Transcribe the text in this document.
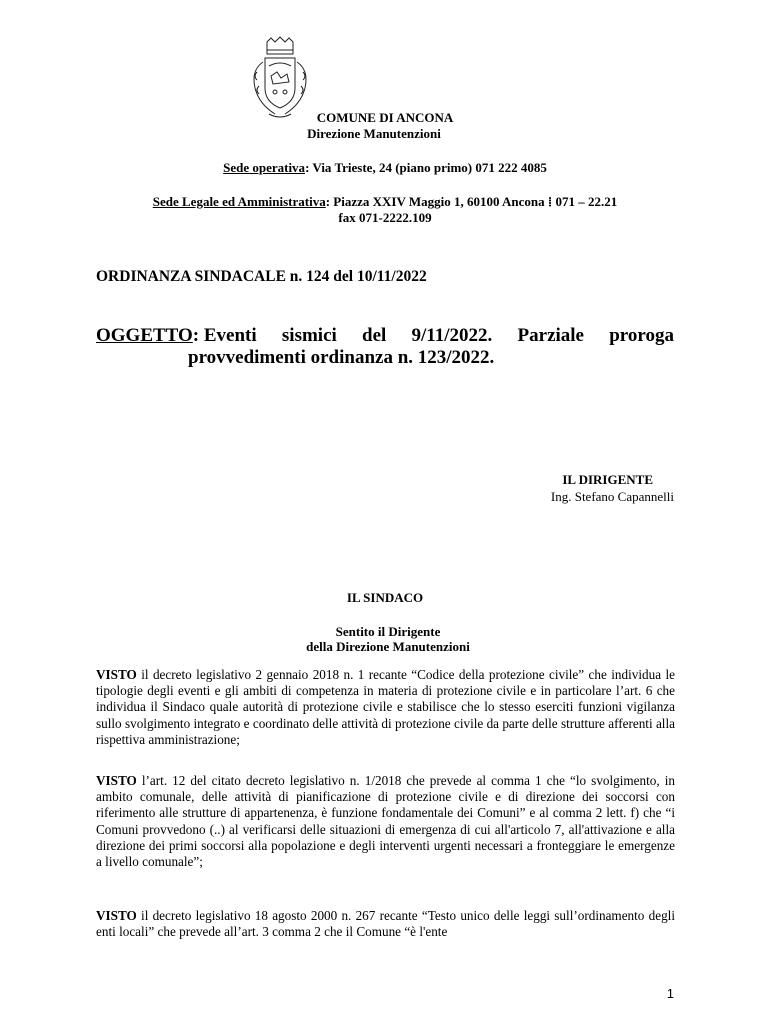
COMUNE DI ANCONA
Direzione Manutenzioni
Sede operativa: Via Trieste, 24 (piano primo) 071 222 4085
Sede Legale ed Amministrativa: Piazza XXIV Maggio 1, 60100 Ancona ⁞ 071 – 22.21
fax 071-2222.109
ORDINANZA SINDACALE n. 124 del 10/11/2022
OGGETTO: Eventi sismici del 9/11/2022. Parziale proroga
provvedimenti ordinanza n. 123/2022.
IL DIRIGENTE
Ing. Stefano Capannelli
IL SINDACO
Sentito il Dirigente
della Direzione Manutenzioni
VISTO il decreto legislativo 2 gennaio 2018 n. 1 recante “Codice della protezione civile” che individua le tipologie degli eventi e gli ambiti di competenza in materia di protezione civile e in particolare l’art. 6 che individua il Sindaco quale autorità di protezione civile e stabilisce che lo stesso eserciti funzioni vigilanza sullo svolgimento integrato e coordinato delle attività di protezione civile da parte delle strutture afferenti alla rispettiva amministrazione;
VISTO l’art. 12 del citato decreto legislativo n. 1/2018 che prevede al comma 1 che “lo svolgimento, in ambito comunale, delle attività di pianificazione di protezione civile e di direzione dei soccorsi con riferimento alle strutture di appartenenza, è funzione fondamentale dei Comuni” e al comma 2 lett. f) che “i Comuni provvedono (..) al verificarsi delle situazioni di emergenza di cui all'articolo 7, all'attivazione e alla direzione dei primi soccorsi alla popolazione e degli interventi urgenti necessari a fronteggiare le emergenze a livello comunale”;
VISTO il decreto legislativo 18 agosto 2000 n. 267 recante “Testo unico delle leggi sull’ordinamento degli enti locali” che prevede all’art. 3 comma 2 che il Comune “è l'ente
1
